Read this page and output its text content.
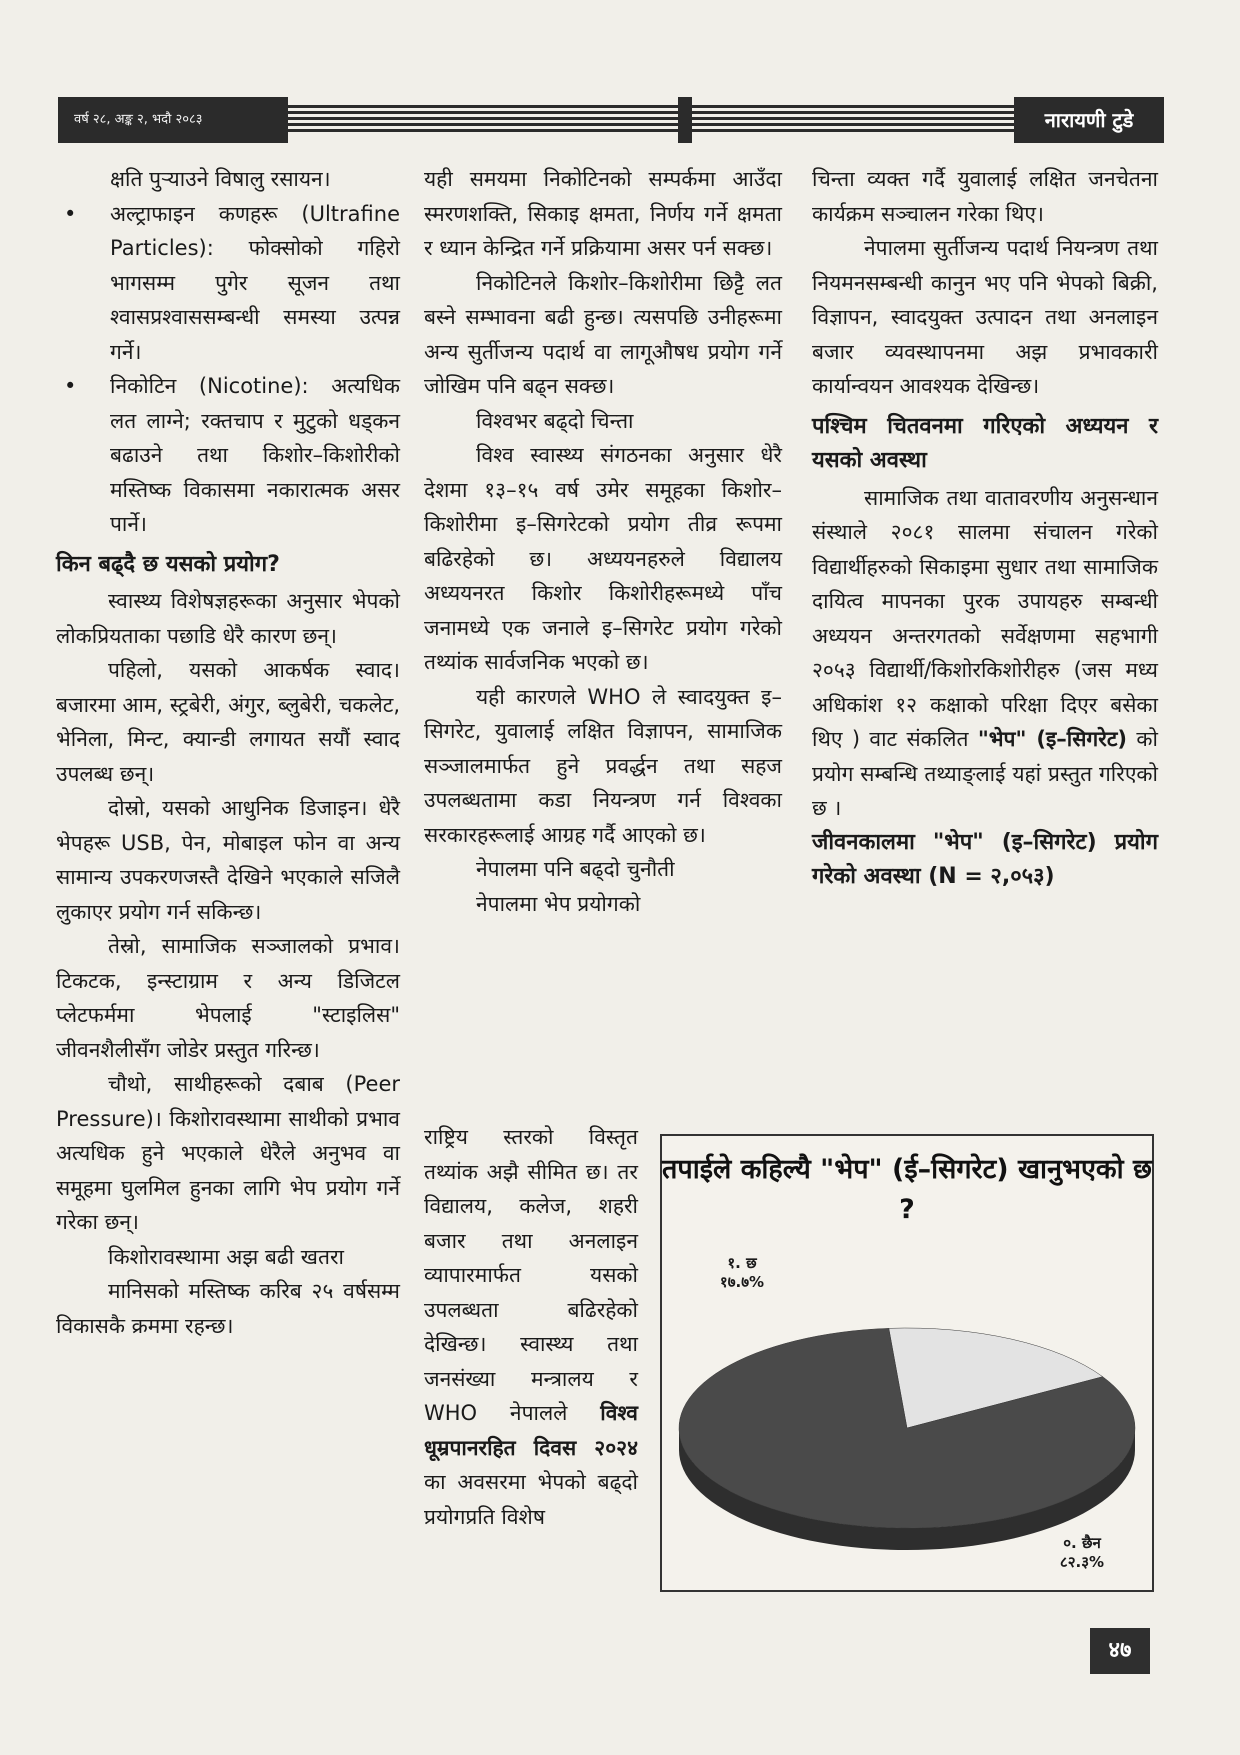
वर्ष २८, अङ्क २, भदौ २०८३	नारायणी टुडे

क्षति पुर्‍याउने विषालु रसायन।

• अल्ट्राफाइन कणहरू (Ultrafine Particles): फोक्सोको गहिरो भागसम्म पुगेर सूजन तथा श्वासप्रश्वाससम्बन्धी समस्या उत्पन्न गर्ने।

• निकोटिन (Nicotine): अत्यधिक लत लाग्ने; रक्तचाप र मुटुको धड्कन बढाउने तथा किशोर–किशोरीको मस्तिष्क विकासमा नकारात्मक असर पार्ने।

किन बढ्दै छ यसको प्रयोग?

स्वास्थ्य विशेषज्ञहरूका अनुसार भेपको लोकप्रियताका पछाडि धेरै कारण छन्।

पहिलो, यसको आकर्षक स्वाद। बजारमा आम, स्ट्रबेरी, अंगुर, ब्लुबेरी, चकलेट, भेनिला, मिन्ट, क्यान्डी लगायत सयौं स्वाद उपलब्ध छन्।

दोस्रो, यसको आधुनिक डिजाइन। धेरै भेपहरू USB, पेन, मोबाइल फोन वा अन्य सामान्य उपकरणजस्तै देखिने भएकाले सजिलै लुकाएर प्रयोग गर्न सकिन्छ।

तेस्रो, सामाजिक सञ्जालको प्रभाव। टिकटक, इन्स्टाग्राम र अन्य डिजिटल प्लेटफर्ममा भेपलाई "स्टाइलिस" जीवनशैलीसँग जोडेर प्रस्तुत गरिन्छ।

चौथो, साथीहरूको दबाब (Peer Pressure)। किशोरावस्थामा साथीको प्रभाव अत्यधिक हुने भएकाले धेरैले अनुभव वा समूहमा घुलमिल हुनका लागि भेप प्रयोग गर्ने गरेका छन्।

किशोरावस्थामा अझ बढी खतरा

मानिसको मस्तिष्क करिब २५ वर्षसम्म विकासकै क्रममा रहन्छ।

यही समयमा निकोटिनको सम्पर्कमा आउँदा स्मरणशक्ति, सिकाइ क्षमता, निर्णय गर्ने क्षमता र ध्यान केन्द्रित गर्ने प्रक्रियामा असर पर्न सक्छ।

निकोटिनले किशोर–किशोरीमा छिट्टै लत बस्ने सम्भावना बढी हुन्छ। त्यसपछि उनीहरूमा अन्य सुर्तीजन्य पदार्थ वा लागूऔषध प्रयोग गर्ने जोखिम पनि बढ्न सक्छ।

विश्वभर बढ्दो चिन्ता

विश्व स्वास्थ्य संगठनका अनुसार धेरै देशमा १३–१५ वर्ष उमेर समूहका किशोर–किशोरीमा इ–सिगरेटको प्रयोग तीव्र रूपमा बढिरहेको छ। अध्ययनहरुले विद्यालय अध्ययनरत किशोर किशोरीहरूमध्ये पाँच जनामध्ये एक जनाले इ–सिगरेट प्रयोग गरेको तथ्यांक सार्वजनिक भएको छ।

यही कारणले WHO ले स्वादयुक्त इ–सिगरेट, युवालाई लक्षित विज्ञापन, सामाजिक सञ्जालमार्फत हुने प्रवर्द्धन तथा सहज उपलब्धतामा कडा नियन्त्रण गर्न विश्वका सरकारहरूलाई आग्रह गर्दै आएको छ।

नेपालमा पनि बढ्दो चुनौती

नेपालमा भेप प्रयोगको

राष्ट्रिय स्तरको विस्तृत तथ्यांक अझै सीमित छ। तर विद्यालय, कलेज, शहरी बजार तथा अनलाइन व्यापारमार्फत यसको उपलब्धता बढिरहेको देखिन्छ। स्वास्थ्य तथा जनसंख्या मन्त्रालय र WHO नेपालले विश्व धूम्रपानरहित दिवस २०२४ का अवसरमा भेपको बढ्दो प्रयोगप्रति विशेष

चिन्ता व्यक्त गर्दै युवालाई लक्षित जनचेतना कार्यक्रम सञ्चालन गरेका थिए।

नेपालमा सुर्तीजन्य पदार्थ नियन्त्रण तथा नियमनसम्बन्धी कानुन भए पनि भेपको बिक्री, विज्ञापन, स्वादयुक्त उत्पादन तथा अनलाइन बजार व्यवस्थापनमा अझ प्रभावकारी कार्यान्वयन आवश्यक देखिन्छ।

पश्चिम चितवनमा गरिएको अध्ययन र यसको अवस्था

सामाजिक तथा वातावरणीय अनुसन्धान संस्थाले २०८१ सालमा संचालन गरेको विद्यार्थीहरुको सिकाइमा सुधार तथा सामाजिक दायित्व मापनका पुरक उपायहरु सम्बन्धी अध्ययन अन्तरगतको सर्वेक्षणमा सहभागी २०५३ विद्यार्थी/किशोरकिशोरीहरु (जस मध्य अधिकांश १२ कक्षाको परिक्षा दिएर बसेका थिए ) वाट संकलित "भेप" (इ–सिगरेट) को प्रयोग सम्बन्धि तथ्याङ्लाई यहां प्रस्तुत गरिएको छ ।

जीवनकालमा "भेप" (इ–सिगरेट) प्रयोग गरेको अवस्था (N = २,०५३)

तपाईले कहिल्यै "भेप" (ई–सिगरेट) खानुभएको छ ?
१. छ
१७.७%
०. छैन
८२.३%
४७
